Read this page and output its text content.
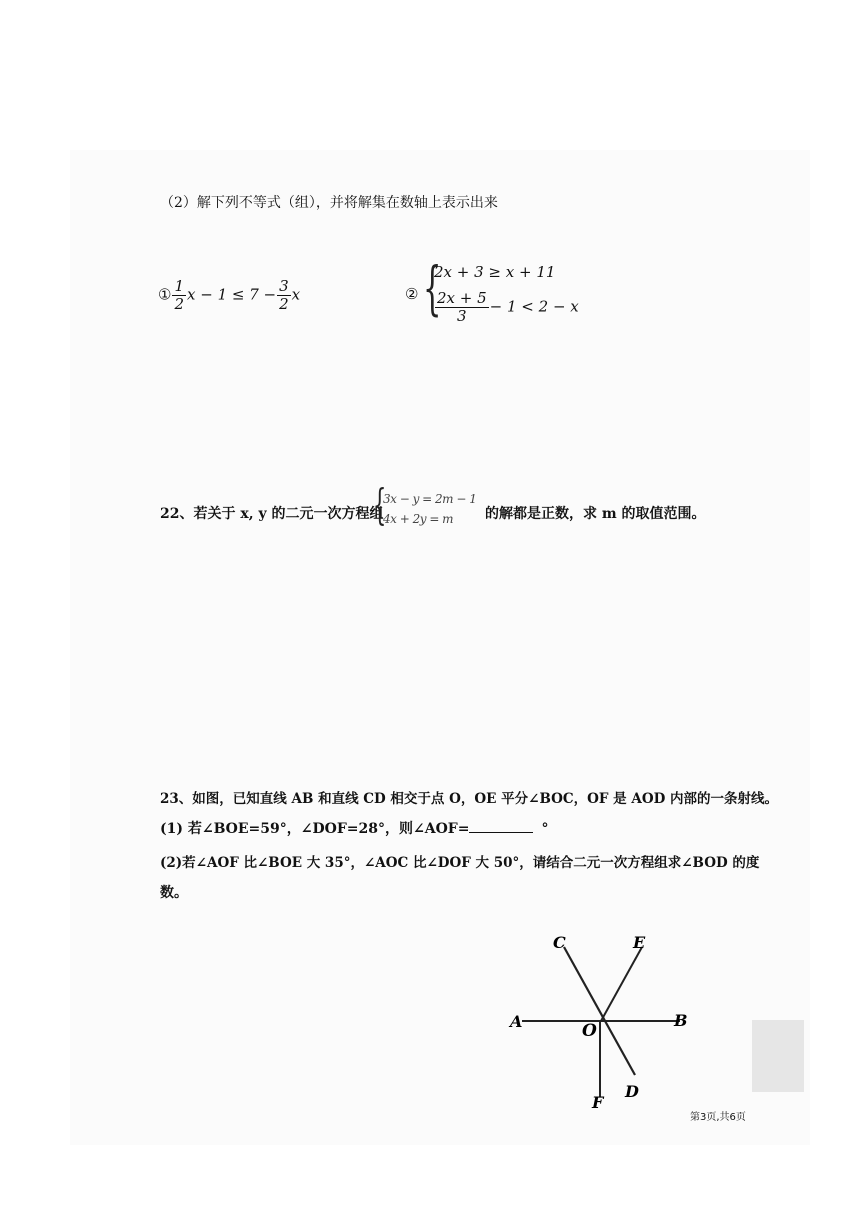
（2）解下列不等式（组），并将解集在数轴上表示出来
① $\frac{1}{2}$ $x - 1 \le 7 - \frac{3}{2}$ x	② {
2x + 3 ≥ x + 11
$\frac{2x + 5}{3} - 1 < 2 - x$
22、若关于 x, y 的二元一次方程组
{
3x − y = 2m − 1
4x + 2y = m 的解都是正数，求 m 的取值范围。
23、如图，已知直线 AB 和直线 CD 相交于点 O，OE 平分∠BOC，OF 是 AOD 内部的一条射线。
(1) 若∠BOE=59°，∠DOF=28°，则∠AOF=	°
(2)若∠AOF 比∠BOE 大 35°，∠AOC 比∠DOF 大 50°，请结合二元一次方程组求∠BOD 的度
数。
A	B
C
D
E
F
O
第3页,共6页
